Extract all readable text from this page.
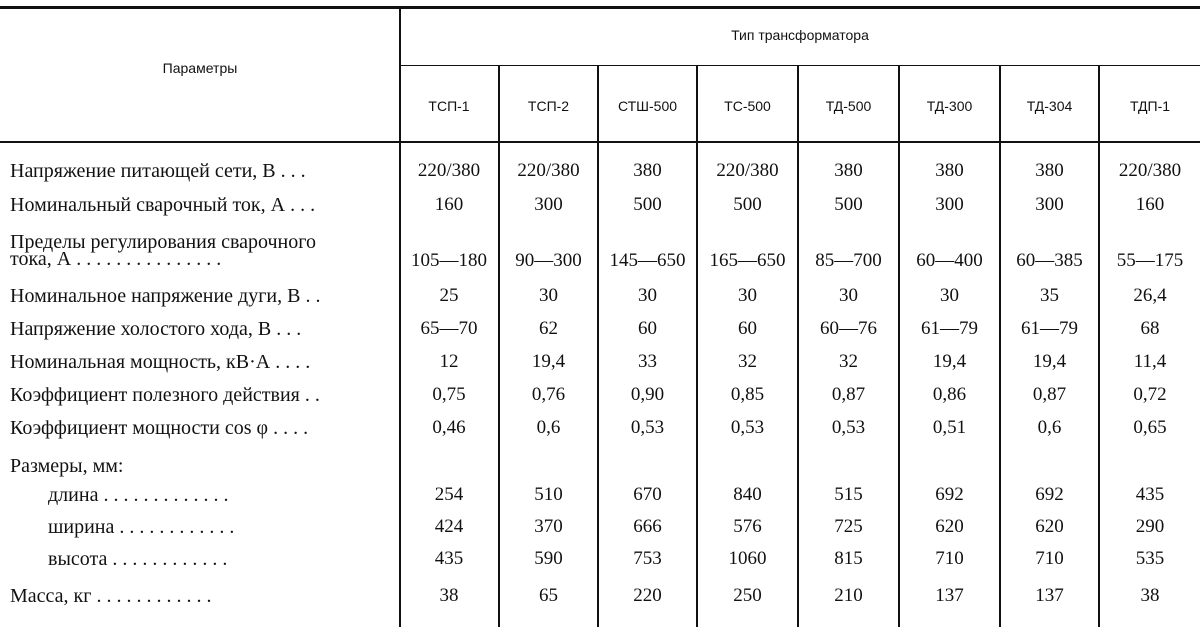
Параметры
Тип трансформатора
ТСП-1	ТСП-2	СТШ-500	ТС-500	ТД-500	ТД-300	ТД-304	ТДП-1
Напряжение питающей сети, В . . .	220/380	220/380	380	220/380	380	380	380	220/380
Номинальный сварочный ток, А . . .	160	300	500	500	500	300	300	160
Пределы регулирования сварочного
тока, А . . . . . . . . . . . . . . .	105—180	90—300	145—650	165—650	85—700	60—400	60—385	55—175
Номинальное напряжение дуги, В . .	25	30	30	30	30	30	35	26,4
Напряжение холостого хода, В . . .	65—70	62	60	60	60—76	61—79	61—79	68
Номинальная мощность, кВ·А . . . .	12	19,4	33	32	32	19,4	19,4	11,4
Коэффициент полезного действия . .	0,75	0,76	0,90	0,85	0,87	0,86	0,87	0,72
Коэффициент мощности cos φ . . . .	0,46	0,6	0,53	0,53	0,53	0,51	0,6	0,65
Размеры, мм:
длина . . . . . . . . . . . . .	254	510	670	840	515	692	692	435
ширина . . . . . . . . . . . .	424	370	666	576	725	620	620	290
высота . . . . . . . . . . . .	435	590	753	1060	815	710	710	535
Масса, кг . . . . . . . . . . . .	38	65	220	250	210	137	137	38
